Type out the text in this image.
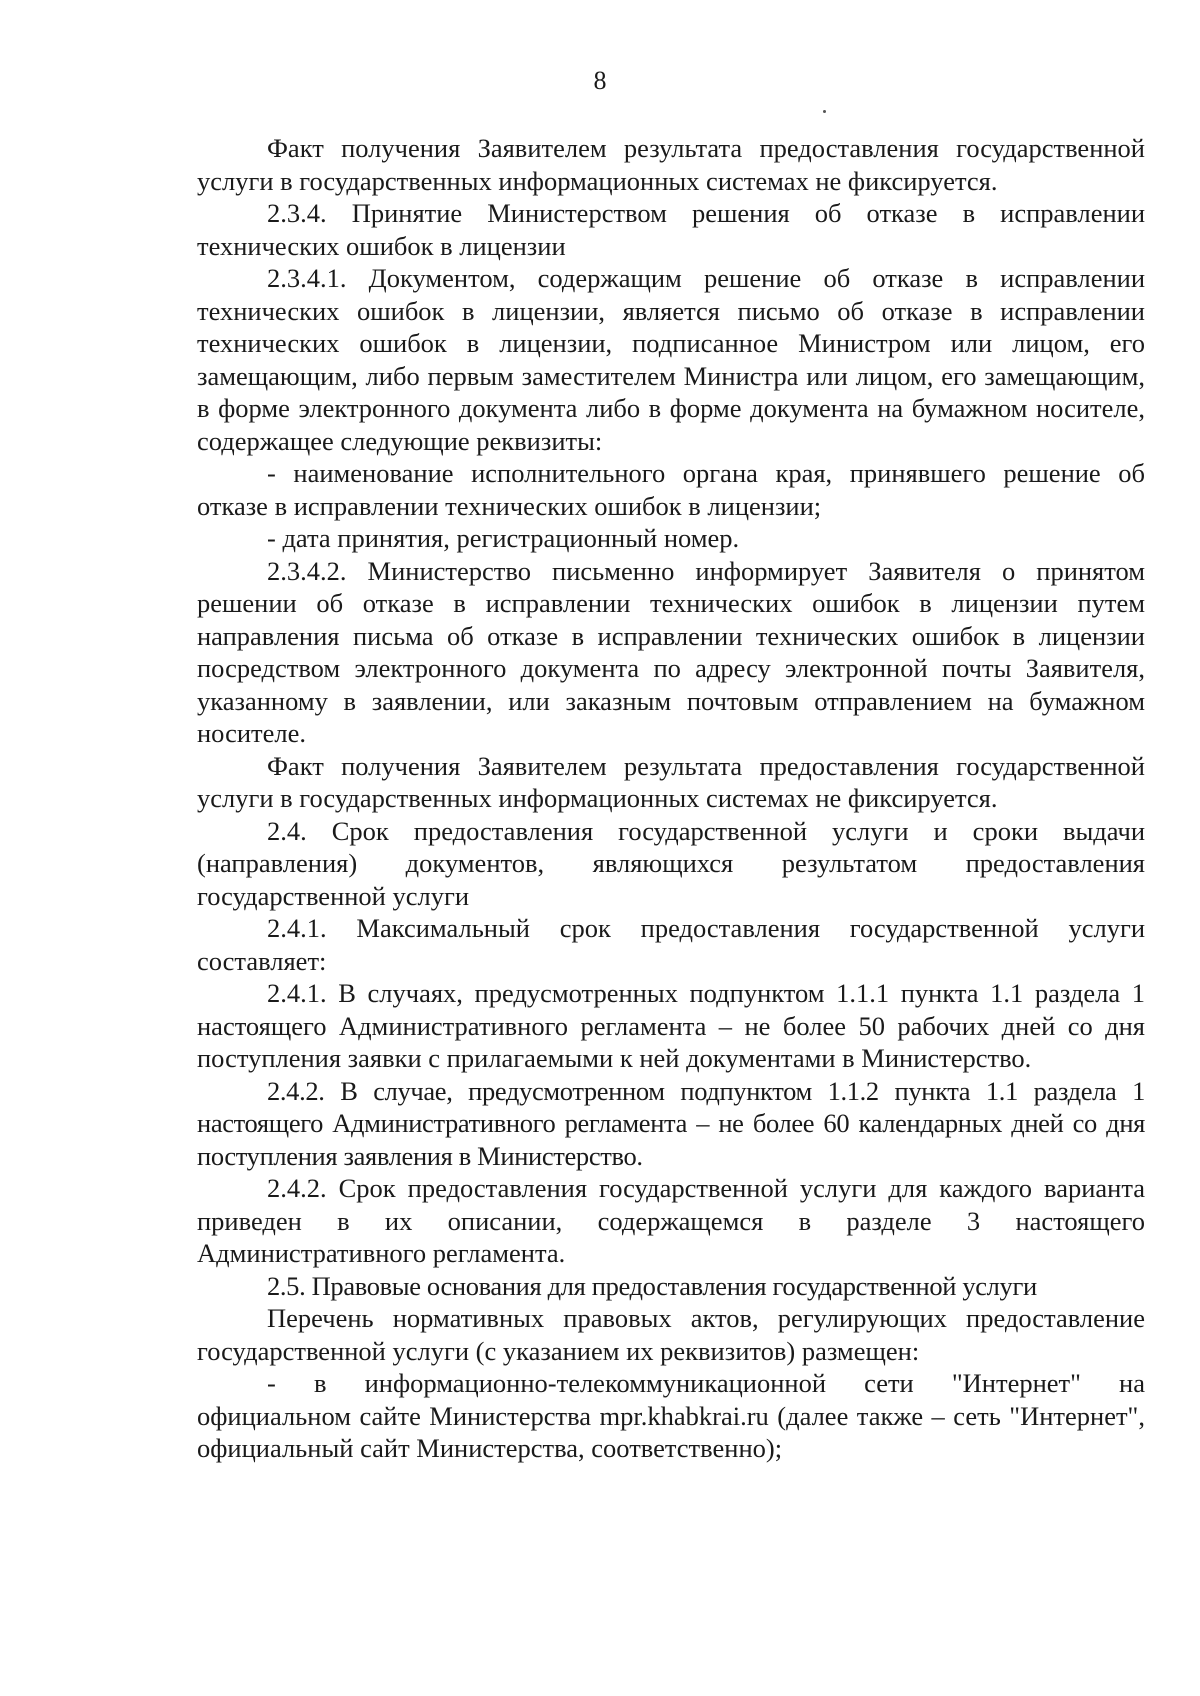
8

Факт получения Заявителем результата предоставления государственной услуги в государственных информационных системах не фиксируется.

2.3.4. Принятие Министерством решения об отказе в исправлении технических ошибок в лицензии

2.3.4.1. Документом, содержащим решение об отказе в исправлении технических ошибок в лицензии, является письмо об отказе в исправлении технических ошибок в лицензии, подписанное Министром или лицом, его замещающим, либо первым заместителем Министра или лицом, его замещающим, в форме электронного документа либо в форме документа на бумажном носителе, содержащее следующие реквизиты:

- наименование исполнительного органа края, принявшего решение об отказе в исправлении технических ошибок в лицензии;

- дата принятия, регистрационный номер.

2.3.4.2. Министерство письменно информирует Заявителя о принятом решении об отказе в исправлении технических ошибок в лицензии путем направления письма об отказе в исправлении технических ошибок в лицензии посредством электронного документа по адресу электронной почты Заявителя, указанному в заявлении, или заказным почтовым отправлением на бумажном носителе.

Факт получения Заявителем результата предоставления государственной услуги в государственных информационных системах не фиксируется.

2.4. Срок предоставления государственной услуги и сроки выдачи (направления) документов, являющихся результатом предоставления государственной услуги

2.4.1. Максимальный срок предоставления государственной услуги составляет:

2.4.1. В случаях, предусмотренных подпунктом 1.1.1 пункта 1.1 раздела 1 настоящего Административного регламента – не более 50 рабочих дней со дня поступления заявки с прилагаемыми к ней документами в Министерство.

2.4.2. В случае, предусмотренном подпунктом 1.1.2 пункта 1.1 раздела 1 настоящего Административного регламента – не более 60 календарных дней со дня поступления заявления в Министерство.

2.4.2. Срок предоставления государственной услуги для каждого варианта приведен в их описании, содержащемся в разделе 3 настоящего Административного регламента.

2.5. Правовые основания для предоставления государственной услуги

Перечень нормативных правовых актов, регулирующих предоставление государственной услуги (с указанием их реквизитов) размещен:

- в информационно-телекоммуникационной сети "Интернет" на официальном сайте Министерства mpr.khabkrai.ru (далее также – сеть "Интернет", официальный сайт Министерства, соответственно);
